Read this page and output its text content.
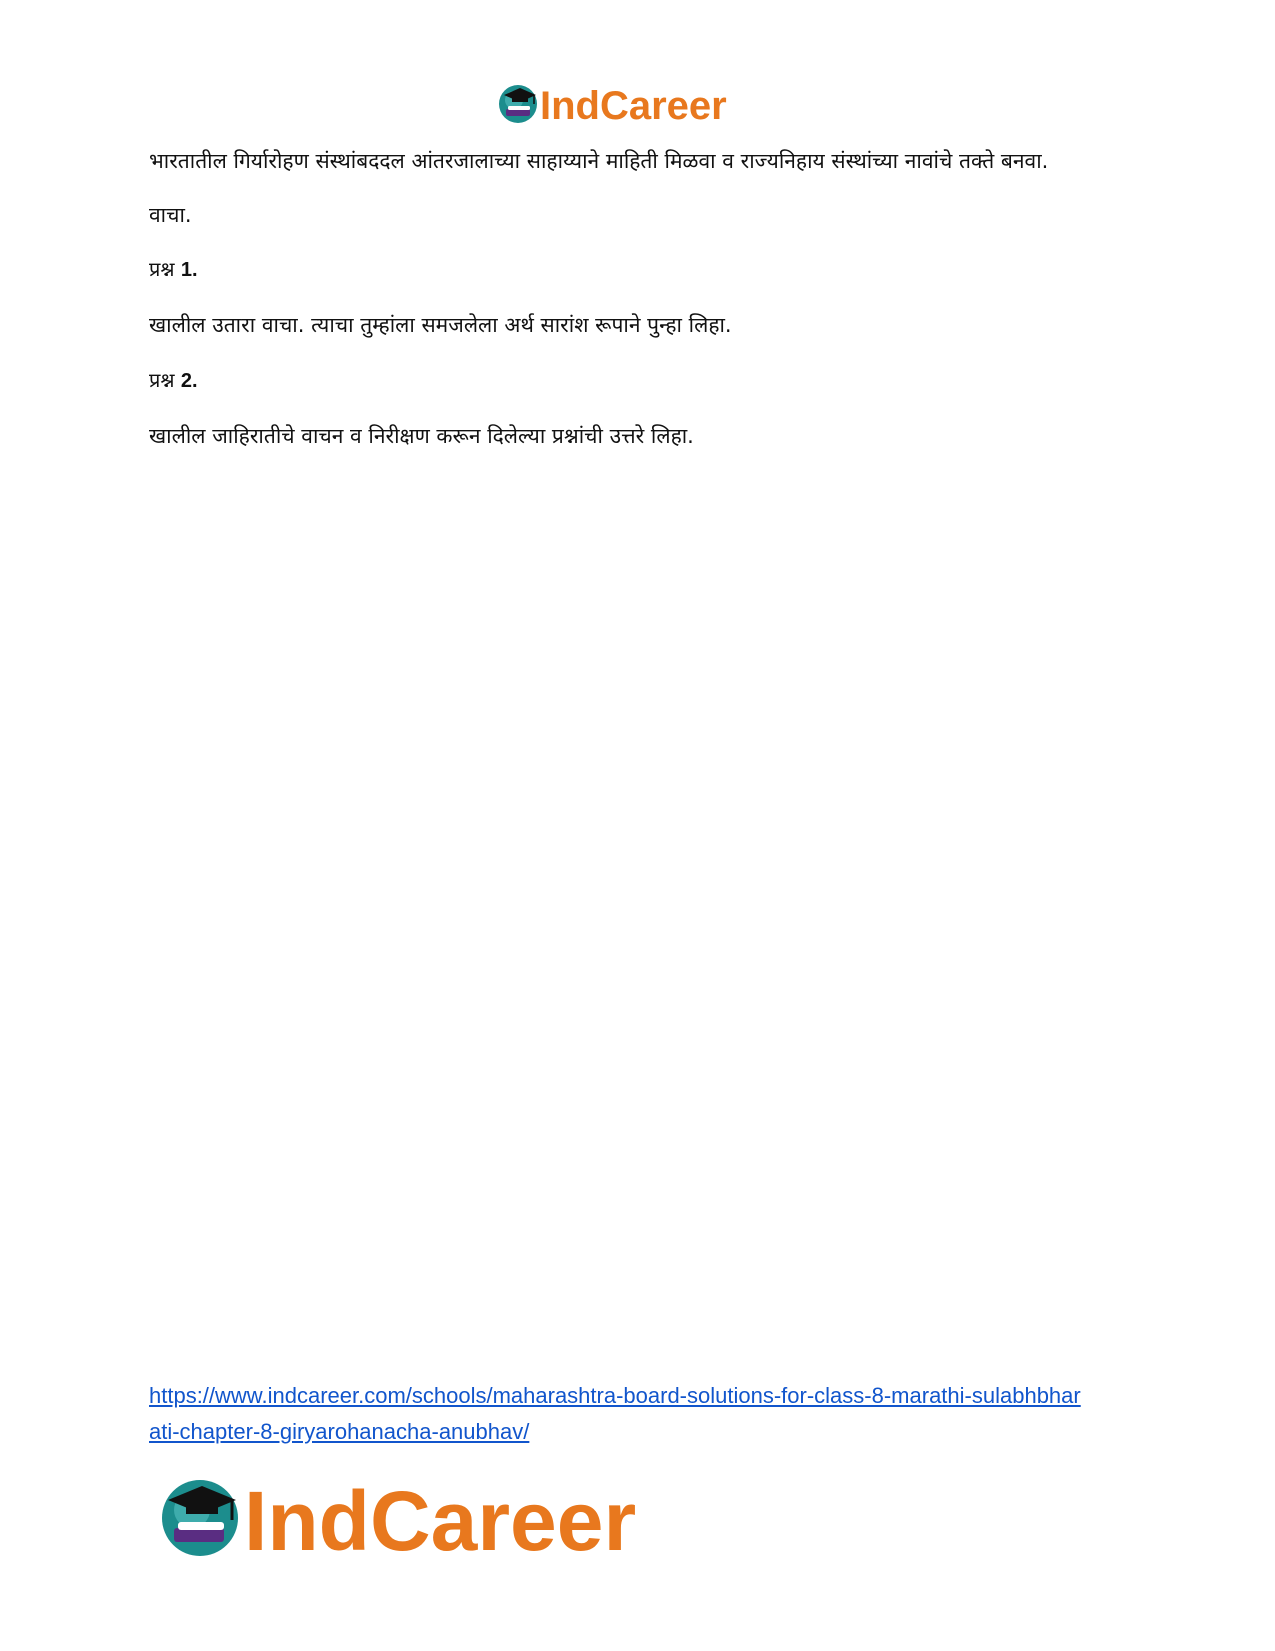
IndCareer

भारतातील गिर्यारोहण संस्थांबददल आंतरजालाच्या साहाय्याने माहिती मिळवा व राज्यनिहाय संस्थांच्या नावांचे तक्ते बनवा.

वाचा.

प्रश्न 1.

खालील उतारा वाचा. त्याचा तुम्हांला समजलेला अर्थ सारांश रूपाने पुन्हा लिहा.

प्रश्न 2.

खालील जाहिरातीचे वाचन व निरीक्षण करून दिलेल्या प्रश्नांची उत्तरे लिहा.

https://www.indcareer.com/schools/maharashtra-board-solutions-for-class-8-marathi-sulabhbhar
ati-chapter-8-giryarohanacha-anubhav/
IndCareer
